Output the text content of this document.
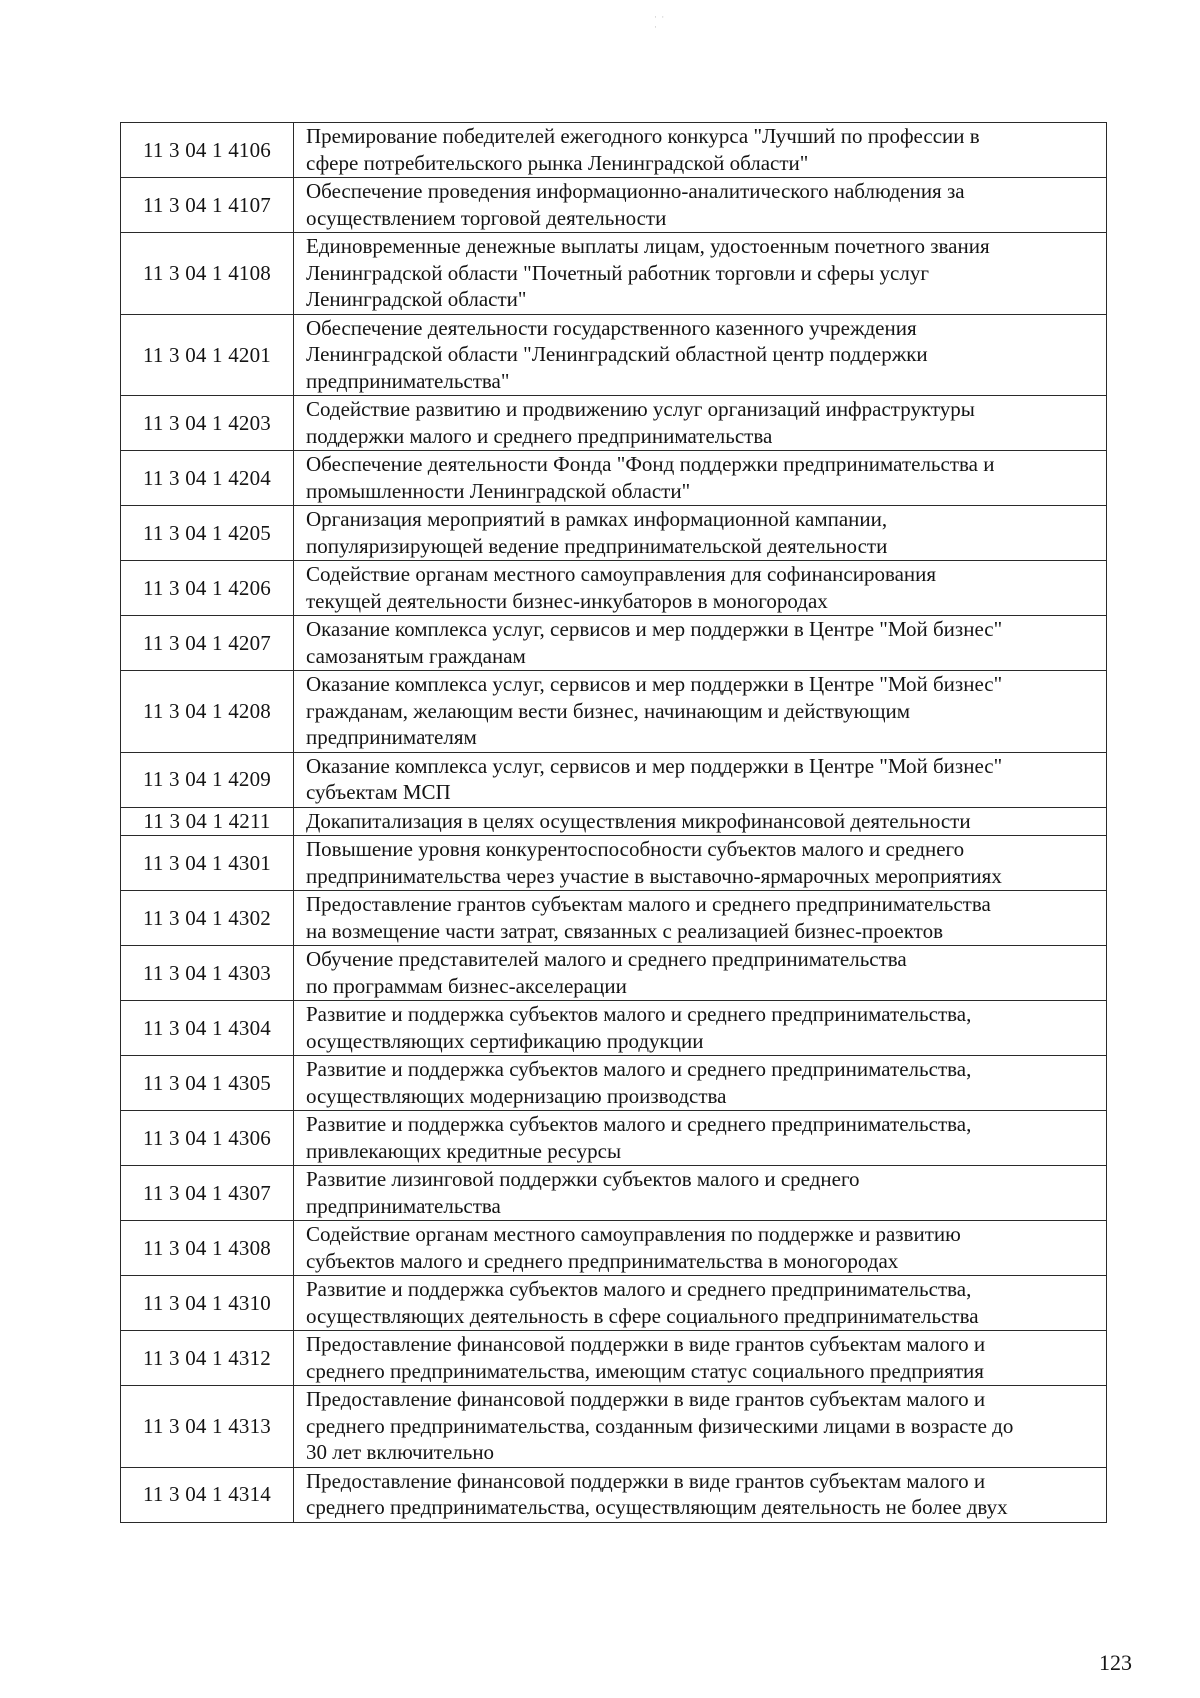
· · ·
11 3 04 1 4106	Премирование победителей ежегодного конкурса "Лучший по профессии в
сфере потребительского рынка Ленинградской области"
11 3 04 1 4107	Обеспечение проведения информационно-аналитического наблюдения за
осуществлением торговой деятельности
11 3 04 1 4108	Единовременные денежные выплаты лицам, удостоенным почетного звания
Ленинградской области "Почетный работник торговли и сферы услуг
Ленинградской области"
11 3 04 1 4201	Обеспечение деятельности государственного казенного учреждения
Ленинградской области "Ленинградский областной центр поддержки
предпринимательства"
11 3 04 1 4203	Содействие развитию и продвижению услуг организаций инфраструктуры
поддержки малого и среднего предпринимательства
11 3 04 1 4204	Обеспечение деятельности Фонда "Фонд поддержки предпринимательства и
промышленности Ленинградской области"
11 3 04 1 4205	Организация мероприятий в рамках информационной кампании,
популяризирующей ведение предпринимательской деятельности
11 3 04 1 4206	Содействие органам местного самоуправления для софинансирования
текущей деятельности бизнес-инкубаторов в моногородах
11 3 04 1 4207	Оказание комплекса услуг, сервисов и мер поддержки в Центре "Мой бизнес"
самозанятым гражданам
11 3 04 1 4208	Оказание комплекса услуг, сервисов и мер поддержки в Центре "Мой бизнес"
гражданам, желающим вести бизнес, начинающим и действующим
предпринимателям
11 3 04 1 4209	Оказание комплекса услуг, сервисов и мер поддержки в Центре "Мой бизнес"
субъектам МСП
11 3 04 1 4211	Докапитализация в целях осуществления микрофинансовой деятельности
11 3 04 1 4301	Повышение уровня конкурентоспособности субъектов малого и среднего
предпринимательства через участие в выставочно-ярмарочных мероприятиях
11 3 04 1 4302	Предоставление грантов субъектам малого и среднего предпринимательства
на возмещение части затрат, связанных с реализацией бизнес-проектов
11 3 04 1 4303	Обучение представителей малого и среднего предпринимательства
по программам бизнес-акселерации
11 3 04 1 4304	Развитие и поддержка субъектов малого и среднего предпринимательства,
осуществляющих сертификацию продукции
11 3 04 1 4305	Развитие и поддержка субъектов малого и среднего предпринимательства,
осуществляющих модернизацию производства
11 3 04 1 4306	Развитие и поддержка субъектов малого и среднего предпринимательства,
привлекающих кредитные ресурсы
11 3 04 1 4307	Развитие лизинговой поддержки субъектов малого и среднего
предпринимательства
11 3 04 1 4308	Содействие органам местного самоуправления по поддержке и развитию
субъектов малого и среднего предпринимательства в моногородах
11 3 04 1 4310	Развитие и поддержка субъектов малого и среднего предпринимательства,
осуществляющих деятельность в сфере социального предпринимательства
11 3 04 1 4312	Предоставление финансовой поддержки в виде грантов субъектам малого и
среднего предпринимательства, имеющим статус социального предприятия
11 3 04 1 4313	Предоставление финансовой поддержки в виде грантов субъектам малого и
среднего предпринимательства, созданным физическими лицами в возрасте до
30 лет включительно
11 3 04 1 4314	Предоставление финансовой поддержки в виде грантов субъектам малого и
среднего предпринимательства, осуществляющим деятельность не более двух
123
